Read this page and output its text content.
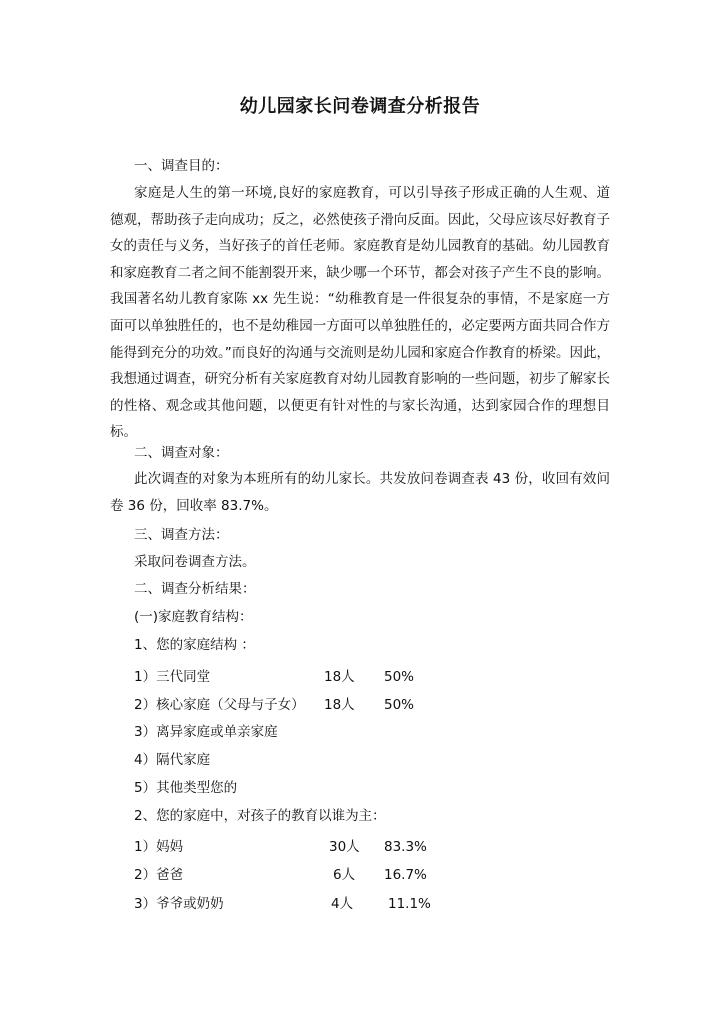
幼儿园家长问卷调查分析报告
一、调查目的：
家庭是人生的第一环境,良好的家庭教育，可以引导孩子形成正确的人生观、道德观，帮助孩子走向成功；反之，必然使孩子滑向反面。因此，父母应该尽好教育子女的责任与义务，当好孩子的首任老师。家庭教育是幼儿园教育的基础。幼儿园教育和家庭教育二者之间不能割裂开来，缺少哪一个环节，都会对孩子产生不良的影响。我国著名幼儿教育家陈 xx 先生说：“幼稚教育是一件很复杂的事情，不是家庭一方面可以单独胜任的，也不是幼稚园一方面可以单独胜任的，必定要两方面共同合作方能得到充分的功效。”而良好的沟通与交流则是幼儿园和家庭合作教育的桥梁。因此，我想通过调查，研究分析有关家庭教育对幼儿园教育影响的一些问题，初步了解家长的性格、观念或其他问题，以便更有针对性的与家长沟通，达到家园合作的理想目标。
二、调查对象：
此次调查的对象为本班所有的幼儿家长。共发放问卷调查表 43 份，收回有效问卷 36 份，回收率 83.7%。
三、调查方法：
采取问卷调查方法。
二、调查分析结果：
(一)家庭教育结构：
1、您的家庭结构 ：
1）三代同堂	18人 50%
2）核心家庭（父母与子女） 18人 50%
3）离异家庭或单亲家庭
4）隔代家庭
5）其他类型您的
2、您的家庭中，对孩子的教育以谁为主：
1）妈妈	30人 83.3%
2）爸爸	6人 16.7%
3）爷爷或奶奶	4人	11.1%
